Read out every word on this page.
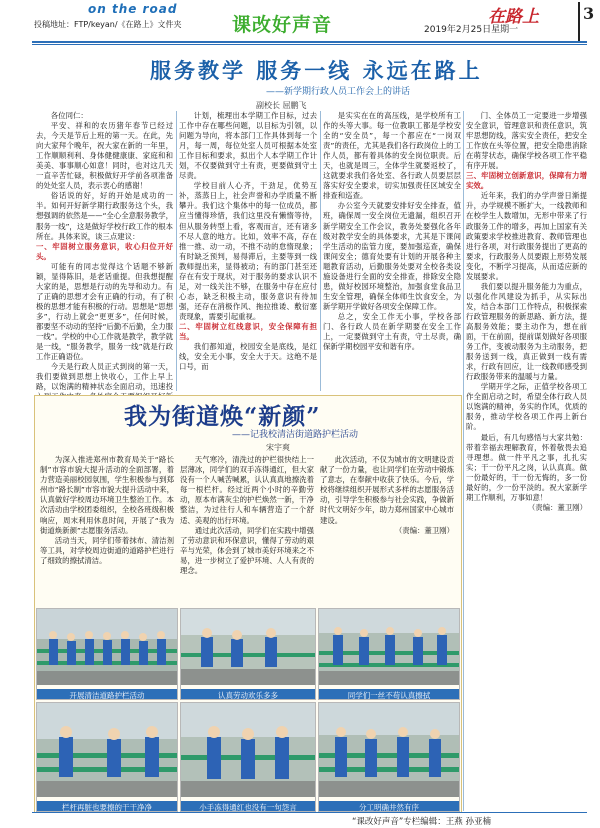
on the road
投稿地址：FTP/keyan/《在路上》文件夹	课改好声音	在路上	3
2019年2月25日星期一
服务教学 服务一线 永远在路上
——新学期行政人员工作会上的讲话
副校长 屈鹏飞

各位同仁：

平安、祥和的农历猪年春节已经过去，今天是节后上班的第一天。在此，先向大家拜个晚年，祝大家在新的一年里，工作顺顺利利、身体健健康康、家庭和和美美、事事顺心如意！同时，也对这几天一直辛苦忙碌，积极做好开学前各项准备的处处室人员，表示衷心的感谢！

俗话说的好，好的开始是成功的一半。如何开好新学期行政服务这个头，我想强调的依然是——“全心全意服务教学，服务一线”，这是做好学校行政工作的根本所在。具体来说，谈三点建议：

一、牢固树立服务意识，收心归位开好头。

可能有的同志觉得这个话题不够新颖，显得陈旧，是老话重提。但我想提醒大家的是，思想是行动的先导和动力。有了正确的思想才会有正确的行动，有了积极的思想才能有积极的行动。思想是“思想多”，行动上就会“更更多”，任何时候，都要坚不动动的坚持“后勤不后勤，全力服一线”。学校的中心工作就是教学，教学就是一线，“服务教学，服务一线”就是行政工作正确语位。

今天是行政人员正式到岗的第一天，我们要做到思想上快收心，工作上早上路，以饱满的精神状态全面启动，迅速投

计划，梳理出本学期工作目标，过去工作中存在哪些问题，以目标为引领，以问题为导向，将本部门工作具体到每一个月，每一周，每位处室人员可根据本处室工作目标和要求，拟出个人本学期工作计划，不仅要做到守土有责，更要做到守土尽责。

学校目前人心齐，干劲足，优势互补，蒸蒸日上，社会声誉和办学质量不断攀升。我们这个集体中的每一位成员，都应当懂得珍惜，我们这里没有懒惰等待，但从服务转型上看，客观而言，还有诸多不尽人意的地方。比如，效率不高，存在推一推、动一动，不推不动的怠惰现象；有时缺乏预判，易得滞后，主要等到一线教师提出来，显得被动；有的部门甚至还存在有安于现状，对于服务的要求认识不足，对一线关注不够，在服务中存在应付心态，缺乏积极主动，服务意识有待加强，还存在消极作风、拖拉推诿、敷衍塞责现象，需要引起重视。

二、牢固树立红线意识，安全保障有担当。

我们都知道，校园安全是底线，是红线，安全无小事，安全大于天。这绝不是口号，而

是实实在在的高压线，是学校所有工作的头等大事。每一位教职工都是学校安全的“安全员”，每一个都应在“一岗双责”的责任，尤其是我们各行政岗位上的工作人员，都有着具体的安全岗位职责。后天，也就是周三，全体学生就要返校了，这就要求我们各处室、各行政人员要层层落实好安全要求，切实加强责任区域安全排查和巡查。

办公室今天就要安排好安全排查，值班，确保周一安全岗位无遗漏，组织召开新学期安全工作会议，教务处要强化各年级对教学安全的具体要求，尤其是下课间学生活动的监管力度，要加强巡查，确保课间安全；德育处要有计划的开展各种主题教育活动，后勤服务处要对全校各类设施设备进行全面的安全排查，排除安全隐患，做好校园环境整治，加强食堂食品卫生安全管理，确保全体师生饮食安全，为新学期开学做好各项安全保障工作。

总之，安全工作无小事，学校各部门、各行政人员在新学期要在安全工作上，一定要做到守土有责，守土尽责，确保新学期校园平安和谐有序。

门、全体员工一定要进一步增强安全意识，管理意识和责任意识，筑牢思想防线，落实安全责任，把安全工作放在头等位置，把安全隐患消除在萌芽状态，确保学校各项工作平稳有序开展。

三、牢固树立创新意识，保障有力增实效。

近年来，我们的办学声誉日渐提升，办学规模不断扩大，一线教师和在校学生人数增加，无形中带来了行政服务工作的增多，再加上国家有关政策要求学校推进教育、教师管理也进行各项，对行政服务提出了更高的要求，行政服务人员要跟上形势发展变化，不断学习提高，从而适应新的发展要求。

我们要以提升服务能力为重点，以强化作风建设为抓手，从实际出发，结合本部门工作特点，积极探索行政管理服务的新思路、新方法，提高服务效能；要主动作为，想在前面，干在前面，提前谋划做好各项服务工作，变被动服务为主动服务，把服务送到一线，真正做到一线有需求，行政有回应，让一线教师感受到行政服务带来的温暖与力量。

学期开学之际，正值学校各项工作全面启动之时，希望全体行政人员以饱满的精神，务实的作风，优质的服务，推动学校各项工作再上新台阶。

最后，有几句感悟与大家共勉：带着幸福去理解教育，怀着敬畏去追寻理想。做一件平凡之事，扎扎实实；干一份平凡之岗，认认真真。做一份最好的，干一份无悔的，多一份最好的，少一份平淡的。祝大家新学期工作顺利，万事如意！

（责编：董卫刚）

我为街道焕“新颜”
——记我校清洁街道路护栏活动
宋宇爽

为深入推进郑州市教育局关于“路长制”市容市貌大提升活动的全面部署，着力营造美丽校园氛围，学生积极参与到郑州市“路长制”市容市貌大提升活动中来，认真做好学校周边环境卫生整治工作。本次活动由学校团委组织，全校各班级积极响应，周末利用休息时间，开展了“我为街道焕新颜”志愿服务活动。

活动当天，同学们带着抹布、清洁剂等工具，对学校周边街道的道路护栏进行了细致的擦拭清洁。

天气寒冷，清洗过的护栏很快结上一层薄冰，同学们的双手冻得通红，但大家没有一个人喊苦喊累，认认真真地擦洗着每一根栏杆。经过近两个小时的辛勤劳动，原本布满灰尘的护栏焕然一新，干净整洁，为过往行人和车辆营造了一个舒适、美观的出行环境。

通过此次活动，同学们在实践中增强了劳动意识和环保意识，懂得了劳动的艰辛与光荣，体会到了城市美好环境来之不易，进一步树立了爱护环境、人人有责的理念。

此次活动，不仅为城市的文明建设贡献了一份力量，也让同学们在劳动中锻炼了意志，在奉献中收获了快乐。今后，学校将继续组织开展形式多样的志愿服务活动，引导学生积极参与社会实践，争做新时代文明好少年，助力郑州国家中心城市建设。

（责编：董卫刚）

开展清洁道路护栏活动	认真劳动欢乐多多	同学们一丝不苟认真擦拭
栏杆再脏也要擦的干干净净	小手冻得通红也没有一句怨言	分工明确井然有序
“课改好声音”专栏编辑：王燕 孙亚楠
